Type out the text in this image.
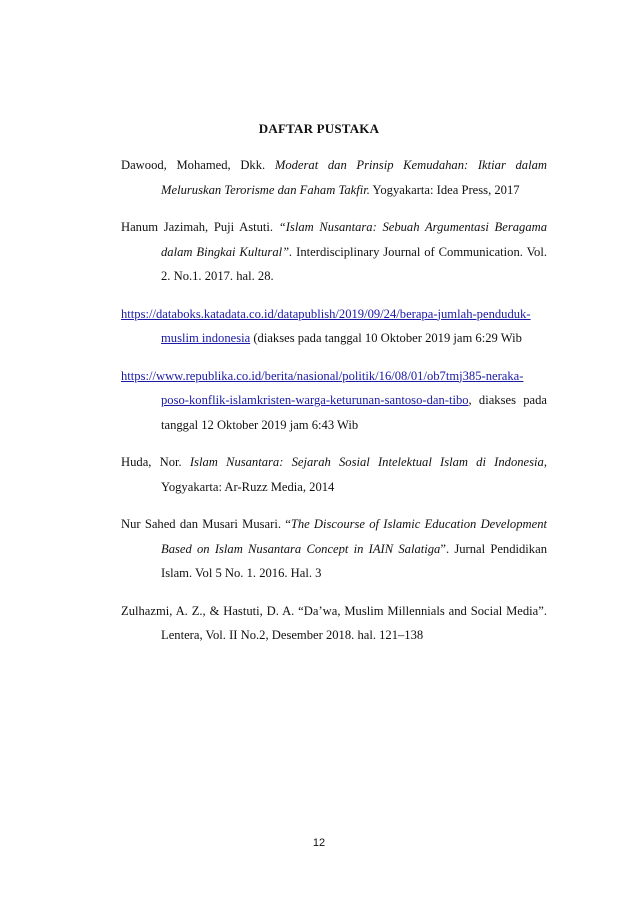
DAFTAR PUSTAKA

Dawood, Mohamed, Dkk. Moderat dan Prinsip Kemudahan: Iktiar dalam Meluruskan Terorisme dan Faham Takfir. Yogyakarta: Idea Press, 2017

Hanum Jazimah, Puji Astuti. “Islam Nusantara: Sebuah Argumentasi Beragama dalam Bingkai Kultural”. Interdisciplinary Journal of Communication. Vol. 2. No.1. 2017. hal. 28.

https://databoks.katadata.co.id/datapublish/2019/09/24/berapa-jumlah-penduduk-muslim indonesia (diakses pada tanggal 10 Oktober 2019 jam 6:29 Wib

https://www.republika.co.id/berita/nasional/politik/16/08/01/ob7tmj385-neraka-poso-konflik-islamkristen-warga-keturunan-santoso-dan-tibo, diakses pada tanggal 12 Oktober 2019 jam 6:43 Wib

Huda, Nor. Islam Nusantara: Sejarah Sosial Intelektual Islam di Indonesia, Yogyakarta: Ar-Ruzz Media, 2014

Nur Sahed dan Musari Musari. “The Discourse of Islamic Education Development Based on Islam Nusantara Concept in IAIN Salatiga”. Jurnal Pendidikan Islam. Vol 5 No. 1. 2016. Hal. 3

Zulhazmi, A. Z., & Hastuti, D. A. “Da’wa, Muslim Millennials and Social Media”. Lentera, Vol. II No.2, Desember 2018. hal. 121–138

12
